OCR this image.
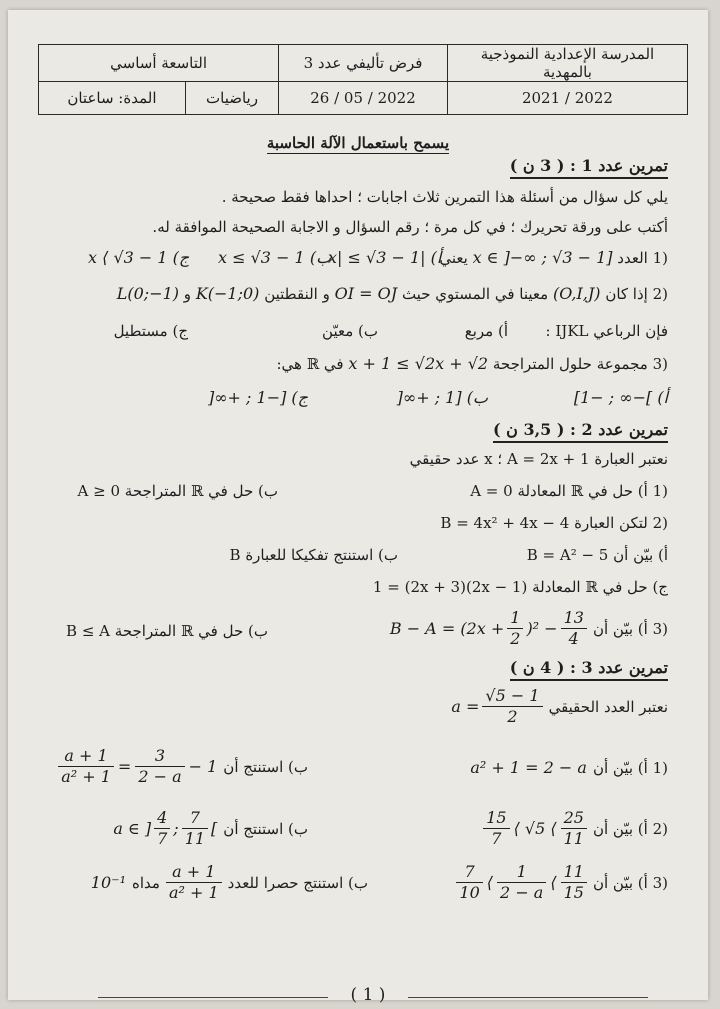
المدرسة الإعدادية النموذجية بالمهدية	فرض تأليفي عدد 3	التاسعة أساسي	
2022 / 2021	2022 / 05 / 26	رياضيات	المدة: ساعتان
يسمح باستعمال الآلة الحاسبة
تمرين عدد 1 : ( 3 ن )
يلي كل سؤال من أسئلة هذا التمرين ثلاث اجابات ؛ احداها فقط صحيحة .
أكتب على ورقة تحريرك ؛ في كل مرة ؛ رقم السؤال و الاجابة الصحيحة الموافقة له.
(1 العدد x ∈ ]−∞ ; √3 − 1] يعني
أ) |x| ≤ √3 − 1
ب) x ≤ √3 − 1
ج) x ⟨ √3 − 1
(2 إذا كان (O,I,J) معينا في المستوي حيث OI = OJ و النقطتين K(−1;0) و L(0;−1)
فإن الرباعي IJKL :
أ) مربع
ب) معيّن
ج) مستطيل
(3 مجموعة حلول المتراجحة x + 1 ≤ √2x + √2 في ℝ هي:
أ) ]−∞ ; −1]
ب) [1 ; +∞[
ج) [−1 ; +∞[
تمرين عدد 2 : ( 3,5 ن )
نعتبر العبارة A = 2x + 1 ؛ x عدد حقيقي
(1 أ) حل في ℝ المعادلة A = 0
ب) حل في ℝ المتراجحة A ≥ 0
(2 لتكن العبارة B = 4x² + 4x − 4
أ) بيّن أن B = A² − 5
ب) استنتج تفكيكا للعبارة B
ج) حل في ℝ المعادلة (2x − 1)(2x + 3) = 1
(3 أ) بيّن أن
$B - A = (2x + \frac{1}{2} )^2 - \frac{13}{4}$
ب) حل في ℝ المتراجحة B ≤ A
تمرين عدد 3 : ( 4 ن )
نعتبر العدد الحقيقي
$a = \frac{√5 - 1}{2}$
(1 أ) بيّن أن
a² + 1 = 2 − a
ب) استنتج أن
$\frac{a + 1}{\text{a² + 1}} = \frac{3}{2 - a} - 1$
(2 أ) بيّن أن
$\frac{15}{7}$ ⟨ √5 ⟨ $\frac{25}{11}$
ب) استنتج أن
a ∈ ] $\frac{4}{7}$ ; $\frac{7}{11}$ [
(3 أ) بيّن أن
$\frac{7}{10}$ ⟨ $\frac{1}{2 - a}$ ⟨ $\frac{11}{15}$
ب) استنتج حصرا للعدد
$\frac{a + 1}{\text{a² + 1}}$
مداه
10⁻¹
( 1 )
